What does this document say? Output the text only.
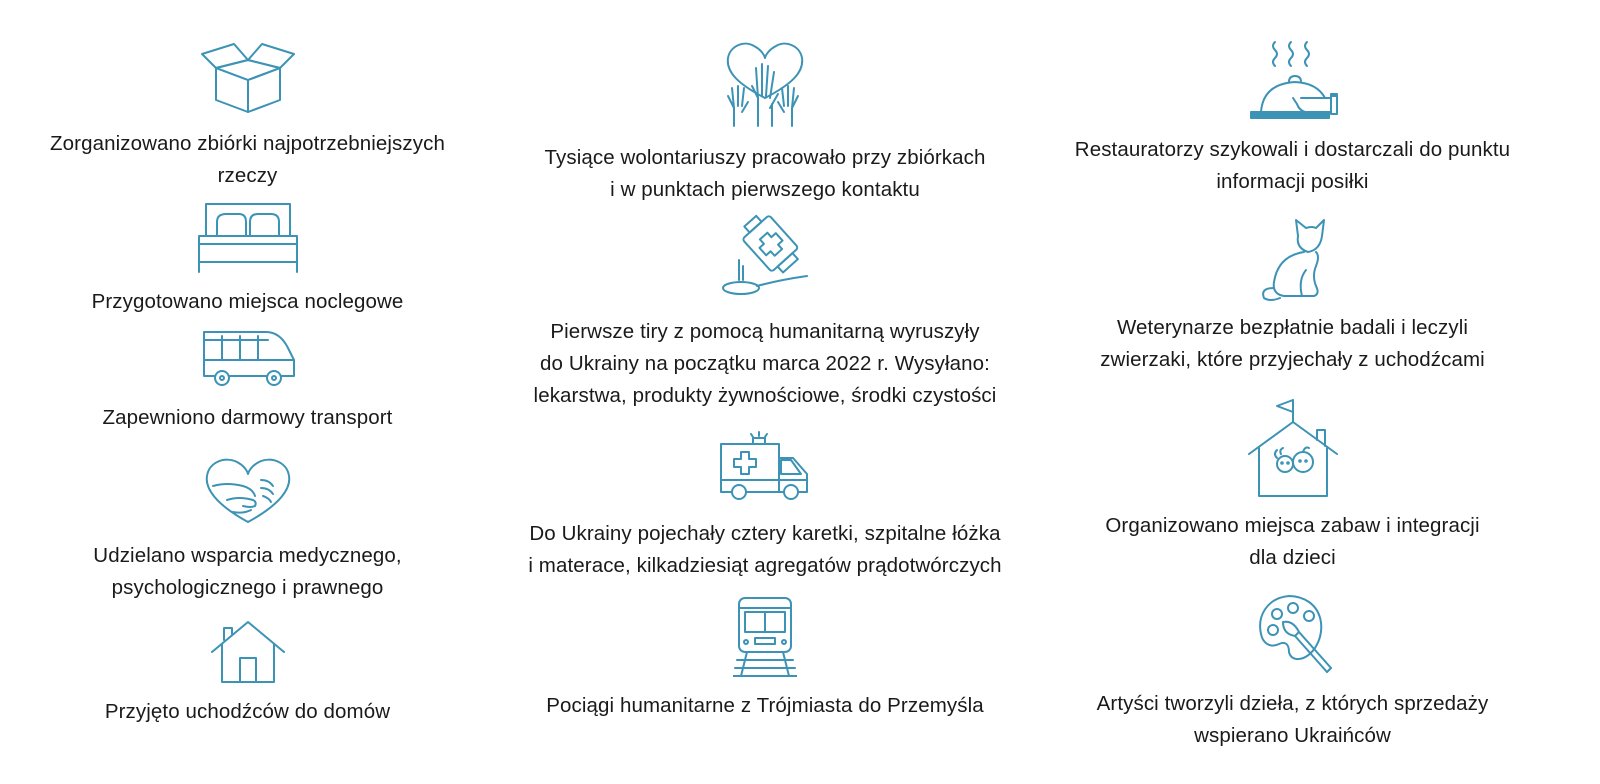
Zorganizowano zbiórki najpotrzebniejszych
rzeczy
Przygotowano miejsca noclegowe
Zapewniono darmowy transport
Udzielano wsparcia medycznego,
psychologicznego i prawnego
Przyjęto uchodźców do domów
Tysiące wolontariuszy pracowało przy zbiórkach
i w punktach pierwszego kontaktu
Pierwsze tiry z pomocą humanitarną wyruszyły
do Ukrainy na początku marca 2022 r. Wysyłano:
lekarstwa, produkty żywnościowe, środki czystości
Do Ukrainy pojechały cztery karetki, szpitalne łóżka
i materace, kilkadziesiąt agregatów prądotwórczych
Pociągi humanitarne z Trójmiasta do Przemyśla
Restauratorzy szykowali i dostarczali do punktu
informacji posiłki
Weterynarze bezpłatnie badali i leczyli
zwierzaki, które przyjechały z uchodźcami
Organizowano miejsca zabaw i integracji
dla dzieci
Artyści tworzyli dzieła, z których sprzedaży
wspierano Ukraińców
